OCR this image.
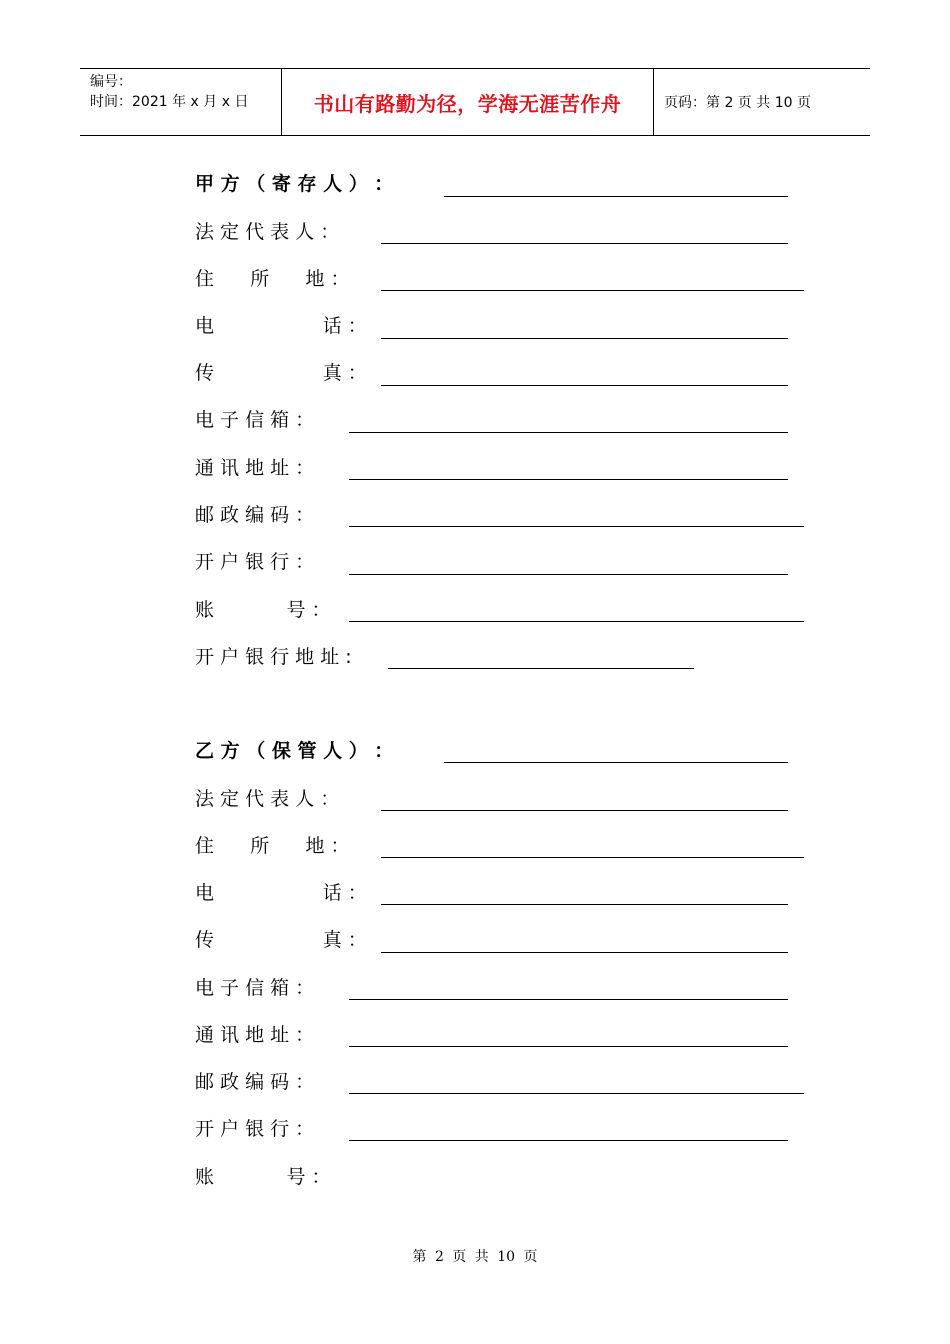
编号：
时间：2021 年 x 月 x 日	书山有路勤为径，学海无涯苦作舟	页码：第 2 页 共 10 页
甲 方 （ 寄 存 人 ） ：
法 定 代 表 人 ：
住      所      地 ：
电                  话 ：
传                  真 ：
电 子 信 箱 ：
通 讯 地 址 ：
邮 政 编 码 ：
开 户 银 行 ：
账            号 ：
开 户 银 行 地 址 :
乙 方 （ 保 管 人 ） ：
法 定 代 表 人 ：
住      所      地 ：
电                  话 ：
传                  真 ：
电 子 信 箱 ：
通 讯 地 址 ：
邮 政 编 码 ：
开 户 银 行 ：
账            号 ：
第 2 页 共 10 页
